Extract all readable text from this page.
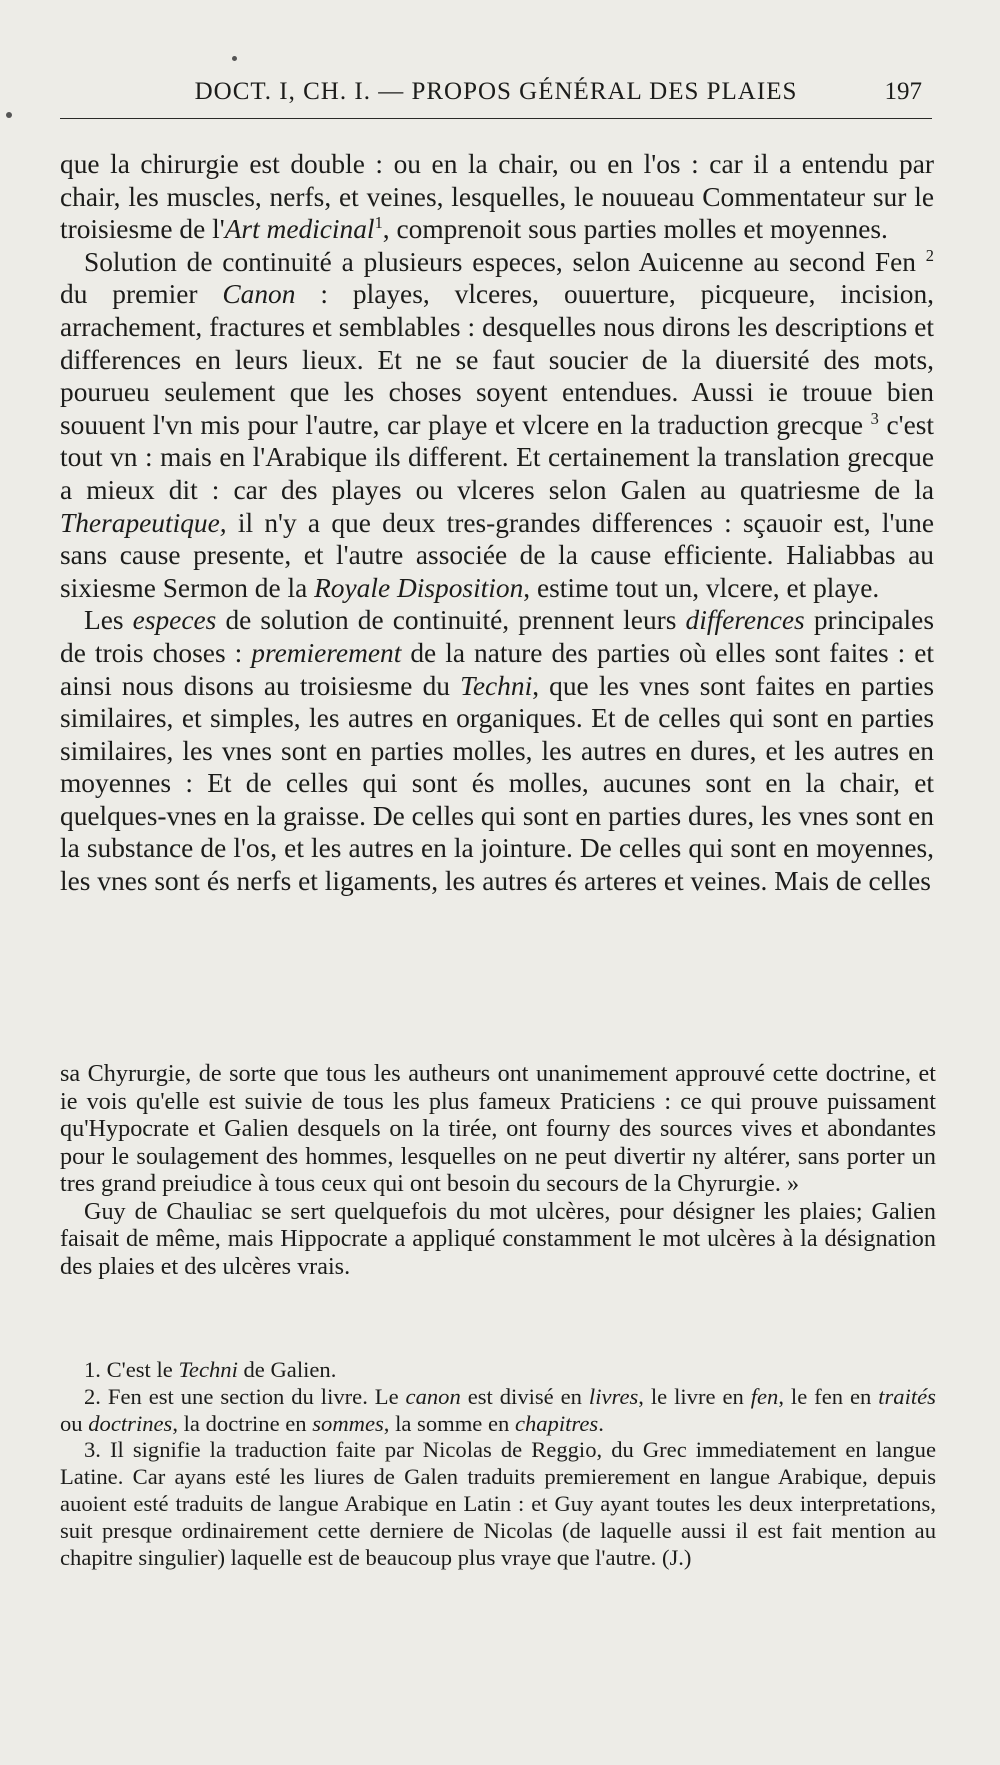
DOCT. I, CH. I. — PROPOS GÉNÉRAL DES PLAIES	197

que la chirurgie est double : ou en la chair, ou en l'os : car il a entendu par chair, les muscles, nerfs, et veines, lesquelles, le nouueau Commentateur sur le troisiesme de l'Art medicinal$^1$, comprenoit sous parties molles et moyennes.

Solution de continuité a plusieurs especes, selon Auicenne au second Fen $^2$ du premier Canon : playes, vlceres, ouuerture, picqueure, incision, arrachement, fractures et semblables : desquelles nous dirons les descriptions et differences en leurs lieux. Et ne se faut soucier de la diuersité des mots, pourueu seulement que les choses soyent entendues. Aussi ie trouue bien souuent l'vn mis pour l'autre, car playe et vlcere en la traduction grecque $^3$ c'est tout vn : mais en l'Arabique ils different. Et certainement la translation grecque a mieux dit : car des playes ou vlceres selon Galen au quatriesme de la Therapeutique, il n'y a que deux tres-grandes differences : sçauoir est, l'une sans cause presente, et l'autre associée de la cause efficiente. Haliabbas au sixiesme Sermon de la Royale Disposition, estime tout un, vlcere, et playe.

Les especes de solution de continuité, prennent leurs differences principales de trois choses : premierement de la nature des parties où elles sont faites : et ainsi nous disons au troisiesme du Techni, que les vnes sont faites en parties similaires, et simples, les autres en organiques. Et de celles qui sont en parties similaires, les vnes sont en parties molles, les autres en dures, et les autres en moyennes : Et de celles qui sont és molles, aucunes sont en la chair, et quelques-vnes en la graisse. De celles qui sont en parties dures, les vnes sont en la substance de l'os, et les autres en la jointure. De celles qui sont en moyennes, les vnes sont és nerfs et ligaments, les autres és arteres et veines. Mais de celles

sa Chyrurgie, de sorte que tous les autheurs ont unanimement approuvé cette doctrine, et ie vois qu'elle est suivie de tous les plus fameux Praticiens : ce qui prouve puissament qu'Hypocrate et Galien desquels on la tirée, ont fourny des sources vives et abondantes pour le soulagement des hommes, lesquelles on ne peut divertir ny altérer, sans porter un tres grand preiudice à tous ceux qui ont besoin du secours de la Chyrurgie. »

Guy de Chauliac se sert quelquefois du mot ulcères, pour désigner les plaies; Galien faisait de même, mais Hippocrate a appliqué constamment le mot ulcères à la désignation des plaies et des ulcères vrais.

1. C'est le Techni de Galien.

2. Fen est une section du livre. Le canon est divisé en livres, le livre en fen, le fen en traités ou doctrines, la doctrine en sommes, la somme en chapitres.

3. Il signifie la traduction faite par Nicolas de Reggio, du Grec immediatement en langue Latine. Car ayans esté les liures de Galen traduits premierement en langue Arabique, depuis auoient esté traduits de langue Arabique en Latin : et Guy ayant toutes les deux interpretations, suit presque ordinairement cette derniere de Nicolas (de laquelle aussi il est fait mention au chapitre singulier) laquelle est de beaucoup plus vraye que l'autre. (J.)
